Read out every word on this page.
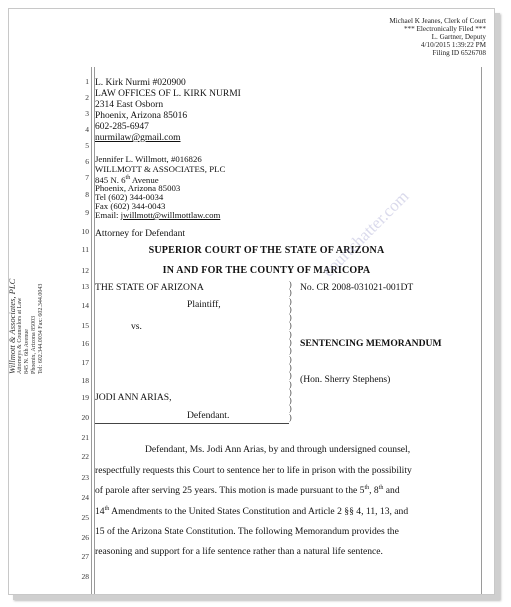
Michael K Jeanes, Clerk of Court
*** Electronically Filed ***
L. Gartner, Deputy
4/10/2015 1:39:22 PM
Filing ID 6526708
Willmott & Associates, PLC Attorneys & Counselors at Law 845 N. 6th Avenue Phoenix, Arizona 85003 Tel: 602.344.0034 Fax: 602.344.0043
1
2
3
4
5
6
7
8
9
10
11
12
13
14
15
16
17
18
19
20
21
22
23
24
25
26
27
28
L. Kirk Nurmi #020900
LAW OFFICES OF L. KIRK NURMI
2314 East Osborn
Phoenix, Arizona 85016
602-285-6947
nurmilaw@gmail.com
Jennifer L. Willmott, #016826
WILLMOTT & ASSOCIATES, PLC
845 N. 6th Avenue
Phoenix, Arizona 85003
Tel (602) 344-0034
Fax (602) 344-0043
Email: jwillmott@willmottlaw.com
Attorney for Defendant
SUPERIOR COURT OF THE STATE OF ARIZONA
IN AND FOR THE COUNTY OF MARICOPA
THE STATE OF ARIZONA
Plaintiff,
vs.
JODI ANN ARIAS,
Defendant.
)
)
)
)
)
)
)
)
)
)
)
)
)
)
)
)
)
No. CR 2008-031021-001DT
SENTENCING MEMORANDUM
(Hon. Sherry Stephens)
courtchatter.com
Defendant, Ms. Jodi Ann Arias, by and through undersigned counsel,
respectfully requests this Court to sentence her to life in prison with the possibility
of parole after serving 25 years. This motion is made pursuant to the 5th, 8th and
14th Amendments to the United States Constitution and Article 2 §§ 4, 11, 13, and
15 of the Arizona State Constitution. The following Memorandum provides the
reasoning and support for a life sentence rather than a natural life sentence.
